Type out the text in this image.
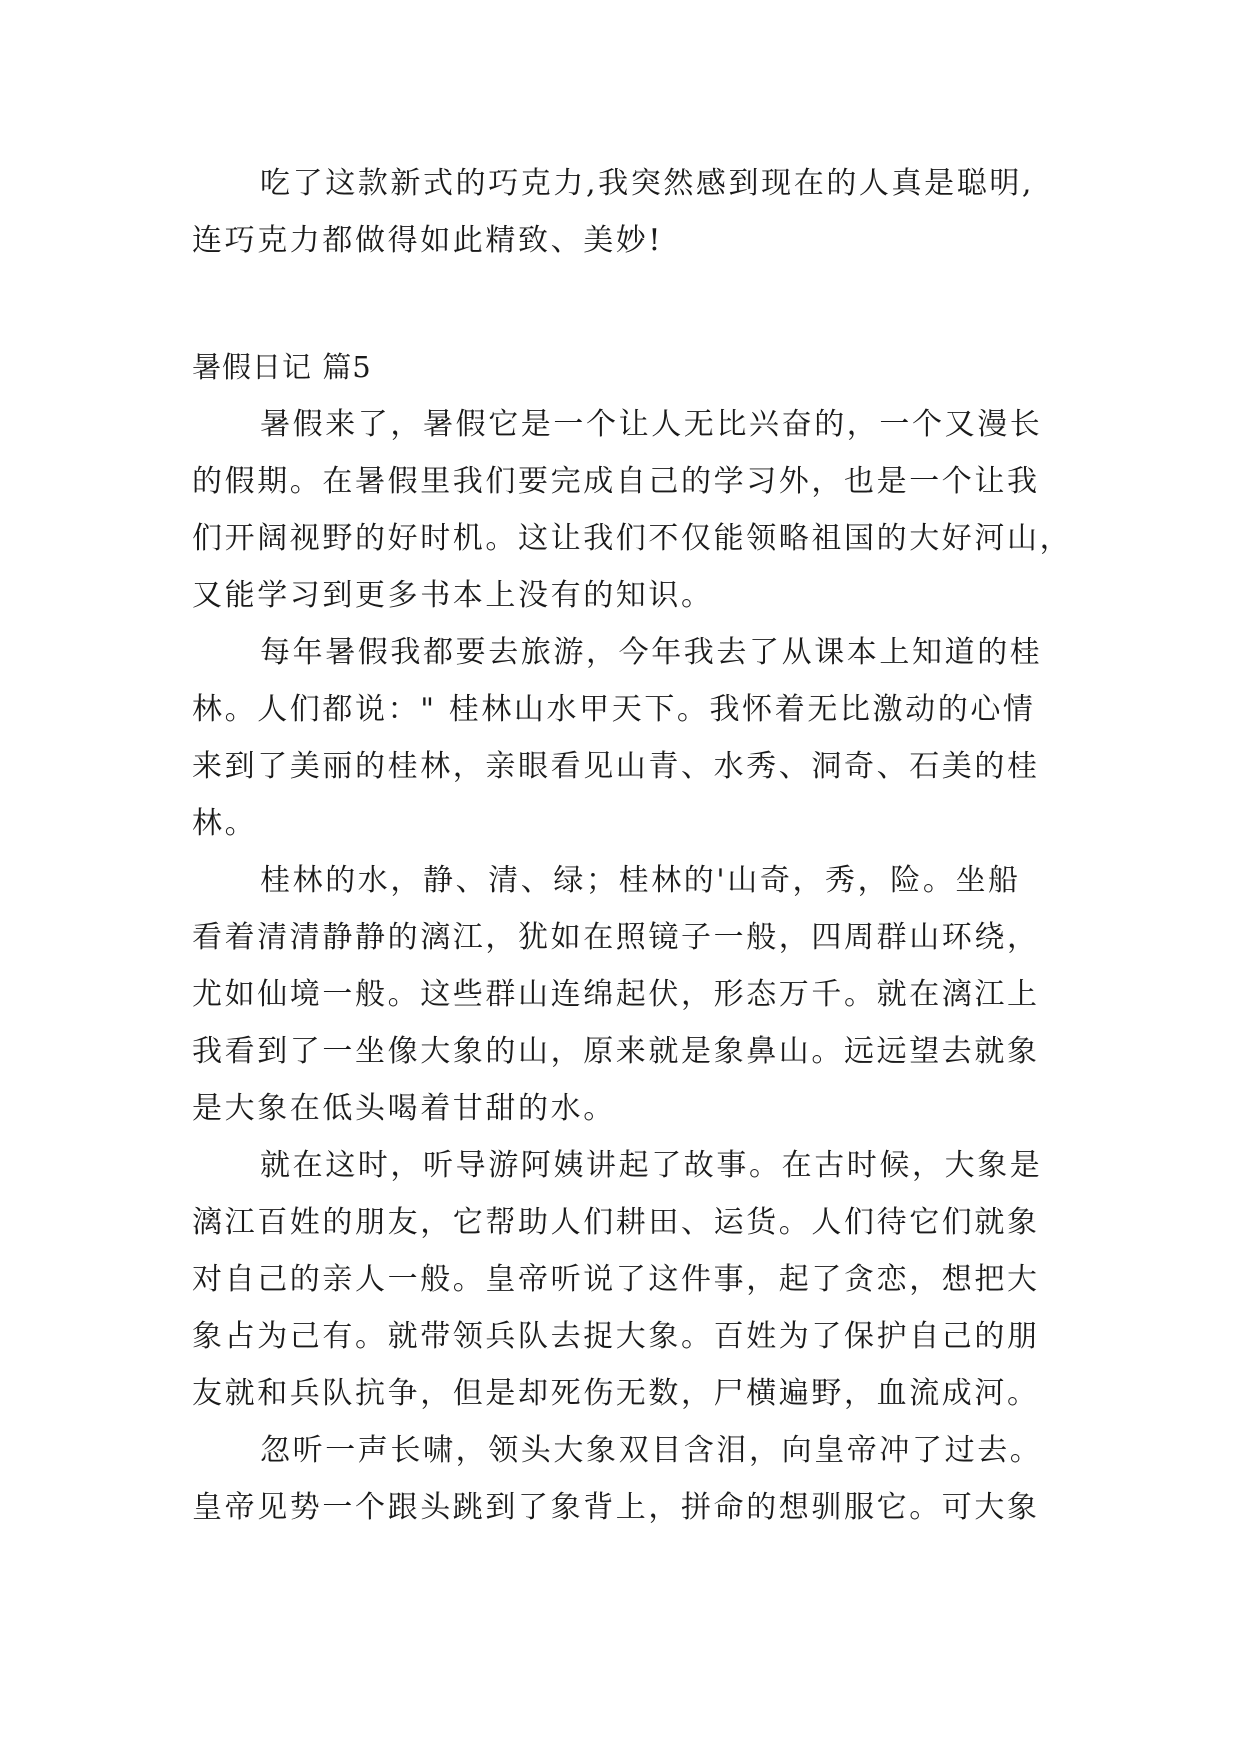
吃了这款新式的巧克力,我突然感到现在的人真是聪明,
连巧克力都做得如此精致、美妙!
暑假日记 篇5
暑假来了，暑假它是一个让人无比兴奋的，一个又漫长
的假期。在暑假里我们要完成自己的学习外，也是一个让我
们开阔视野的好时机。这让我们不仅能领略祖国的大好河山，
又能学习到更多书本上没有的知识。
每年暑假我都要去旅游，今年我去了从课本上知道的桂
林。人们都说：" 桂林山水甲天下。我怀着无比激动的心情
来到了美丽的桂林，亲眼看见山青、水秀、洞奇、石美的桂
林。
桂林的水，静、清、绿；桂林的'山奇，秀，险。坐船
看着清清静静的漓江，犹如在照镜子一般，四周群山环绕，
尤如仙境一般。这些群山连绵起伏，形态万千。就在漓江上
我看到了一坐像大象的山，原来就是象鼻山。远远望去就象
是大象在低头喝着甘甜的水。
就在这时，听导游阿姨讲起了故事。在古时候，大象是
漓江百姓的朋友，它帮助人们耕田、运货。人们待它们就象
对自己的亲人一般。皇帝听说了这件事，起了贪恋，想把大
象占为己有。就带领兵队去捉大象。百姓为了保护自己的朋
友就和兵队抗争，但是却死伤无数，尸横遍野，血流成河。
忽听一声长啸，领头大象双目含泪，向皇帝冲了过去。
皇帝见势一个跟头跳到了象背上，拼命的想驯服它。可大象
